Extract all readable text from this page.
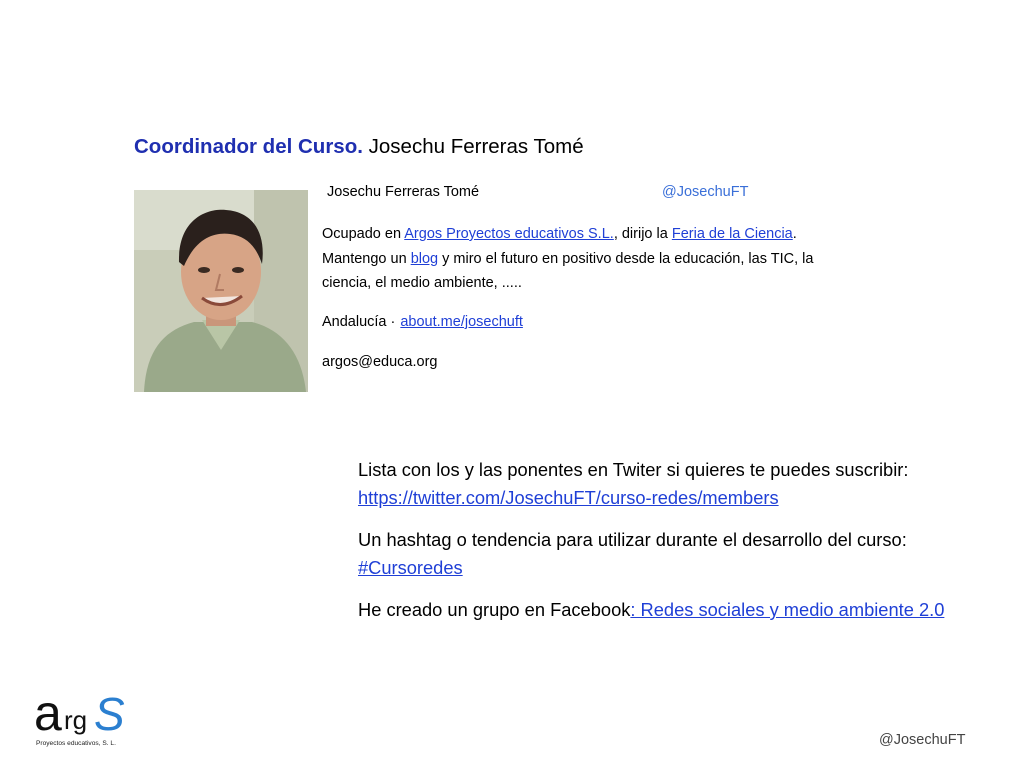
Coordinador del Curso. Josechu Ferreras Tomé
Josechu Ferreras Tomé	@JosechuFT
Ocupado en Argos Proyectos educativos S.L., dirijo la Feria de la Ciencia. Mantengo un blog y miro el futuro en positivo desde la educación, las TIC, la ciencia, el medio ambiente, .....
Andalucía · about.me/josechuft
argos@educa.org

Lista con los y las ponentes en Twiter si quieres te puedes suscribir: https://twitter.com/JosechuFT/curso-redes/members

Un hashtag o tendencia para utilizar durante el desarrollo del curso: #Cursoredes

He creado un grupo en Facebook: Redes sociales y medio ambiente 2.0

a rg S
Proyectos educativos, S. L.	@JosechuFT
